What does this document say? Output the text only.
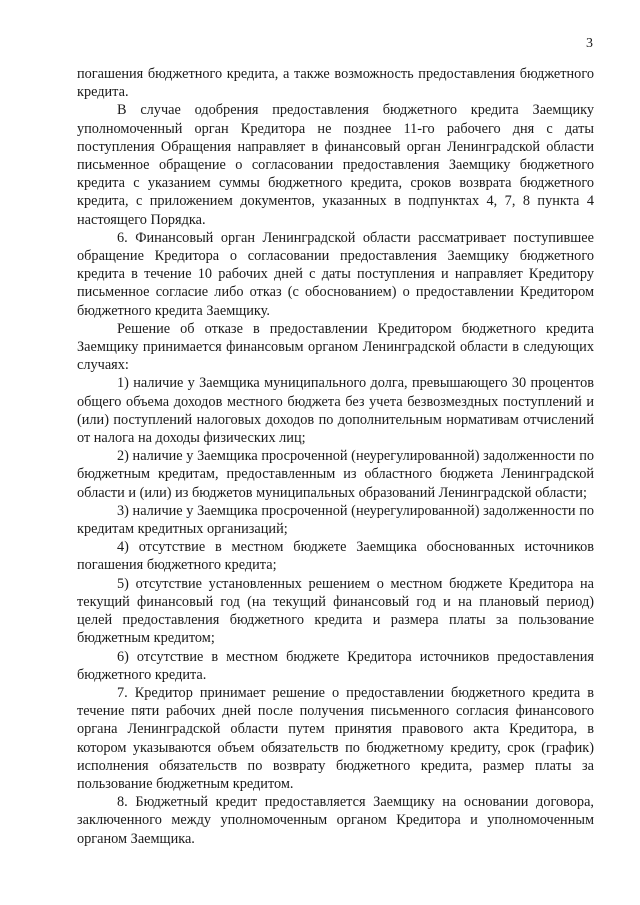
3

погашения бюджетного кредита, а также возможность предоставления бюджетного кредита.

В случае одобрения предоставления бюджетного кредита Заемщику уполномоченный орган Кредитора не позднее 11-го рабочего дня с даты поступления Обращения направляет в финансовый орган Ленинградской области письменное обращение о согласовании предоставления Заемщику бюджетного кредита с указанием суммы бюджетного кредита, сроков возврата бюджетного кредита, с приложением документов, указанных в подпунктах 4, 7, 8 пункта 4 настоящего Порядка.

6. Финансовый орган Ленинградской области рассматривает поступившее обращение Кредитора о согласовании предоставления Заемщику бюджетного кредита в течение 10 рабочих дней с даты поступления и направляет Кредитору письменное согласие либо отказ (с обоснованием) о предоставлении Кредитором бюджетного кредита Заемщику.

Решение об отказе в предоставлении Кредитором бюджетного кредита Заемщику принимается финансовым органом Ленинградской области в следующих случаях:

1) наличие у Заемщика муниципального долга, превышающего 30 процентов общего объема доходов местного бюджета без учета безвозмездных поступлений и (или) поступлений налоговых доходов по дополнительным нормативам отчислений от налога на доходы физических лиц;

2) наличие у Заемщика просроченной (неурегулированной) задолженности по бюджетным кредитам, предоставленным из областного бюджета Ленинградской области и (или) из бюджетов муниципальных образований Ленинградской области;

3) наличие у Заемщика просроченной (неурегулированной) задолженности по кредитам кредитных организаций;

4) отсутствие в местном бюджете Заемщика обоснованных источников погашения бюджетного кредита;

5) отсутствие установленных решением о местном бюджете Кредитора на текущий финансовый год (на текущий финансовый год и на плановый период) целей предоставления бюджетного кредита и размера платы за пользование бюджетным кредитом;

6) отсутствие в местном бюджете Кредитора источников предоставления бюджетного кредита.

7. Кредитор принимает решение о предоставлении бюджетного кредита в течение пяти рабочих дней после получения письменного согласия финансового органа Ленинградской области путем принятия правового акта Кредитора, в котором указываются объем обязательств по бюджетному кредиту, срок (график) исполнения обязательств по возврату бюджетного кредита, размер платы за пользование бюджетным кредитом.

8. Бюджетный кредит предоставляется Заемщику на основании договора, заключенного между уполномоченным органом Кредитора и уполномоченным органом Заемщика.
